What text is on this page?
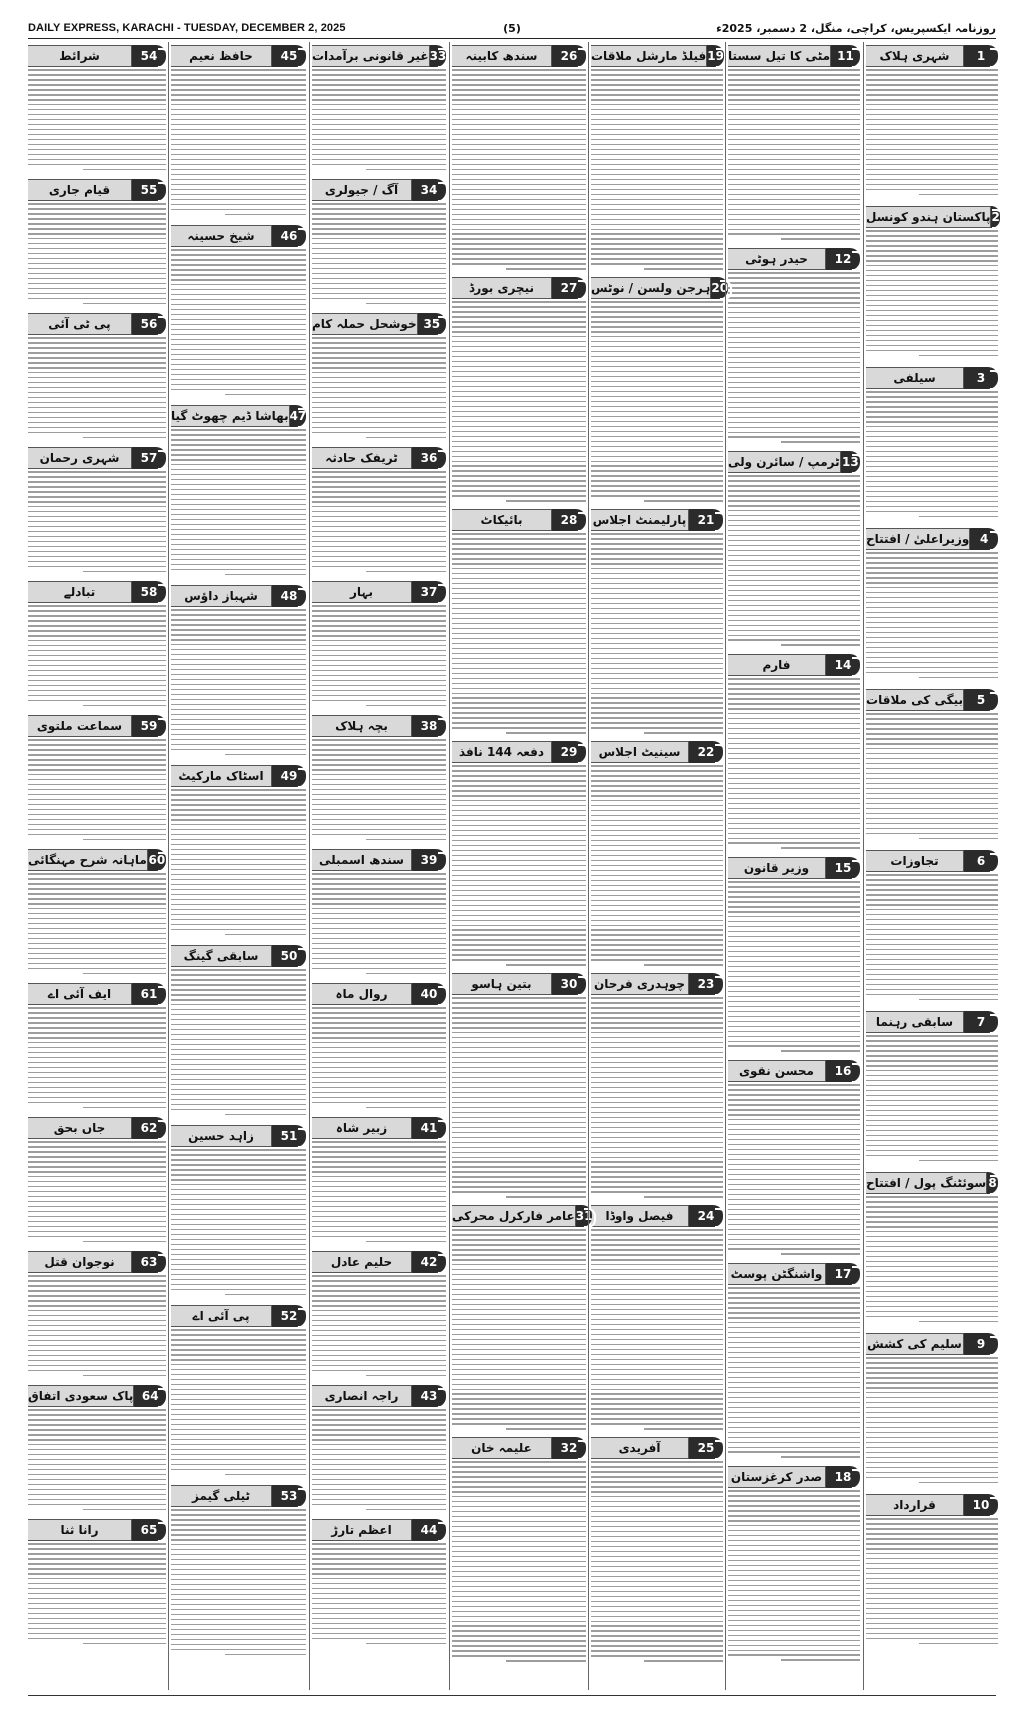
DAILY EXPRESS, KARACHI - TUESDAY, DECEMBER 2, 2025	(5)	روزنامہ ایکسپریس، کراچی، منگل، 2 دسمبر، 2025ء
شہری ہلاک	1
پاکستان ہندو کونسل 2
سیلفی	3
وزیراعلیٰ / افتتاح 4
بیگی کی ملاقات 5
تجاوزات	6
سابقی رہنما	7
سوئٹنگ پول / افتتاح 8
سلیم کی کشش 9
قرارداد	10
مٹی کا تیل سستا 11
حیدر ہوٹی	12
ٹرمپ / سائرن ولی 13
فارم	14
وزیر قانون	15
محسن نقوی	16
واشنگٹن پوسٹ	17
صدر کرغزستان	18
فیلڈ مارشل ملاقات 19
ہرجن ولسن / نوٹس 20
پارلیمنٹ اجلاس 21
سینیٹ اجلاس	22
چوہدری فرحان	23
فیصل واوڈا	24
آفریدی	25
سندھ کابینہ	26
نیچری بورڈ	27
بائیکاٹ	28
دفعہ 144 نافذ	29
بتین ہاسو	30
عامر فارکرل محرکی 31
علیمہ خان	32
غیر قانونی برآمدات 33
آگ / جیولری	34
خوشحل حملہ کام 35
ٹریفک حادثہ	36
بہار	37
بچہ ہلاک	38
سندھ اسمبلی	39
روال ماہ	40
زبیر شاہ	41
حلیم عادل	42
راجہ انصاری	43
اعظم تارڑ	44
حافظ نعیم	45
شیخ حسینہ	46
بھاشا ڈیم چھوٹ گیا 47
شہباز داؤس	48
اسٹاک مارکیٹ	49
سابقی گینگ	50
زاہد حسین	51
پی آئی اے	52
ٹیلی گیمز	53
شرائط	54
قیام جاری	55
پی ٹی آئی	56
شہری رحمان	57
تبادلے	58
سماعت ملتوی	59
ماہانہ شرح مہنگائی 60
ایف آئی اے	61
جاں بحق	62
نوجوان قتل	63
پاک سعودی اتفاق 64
رانا ثنا	65
